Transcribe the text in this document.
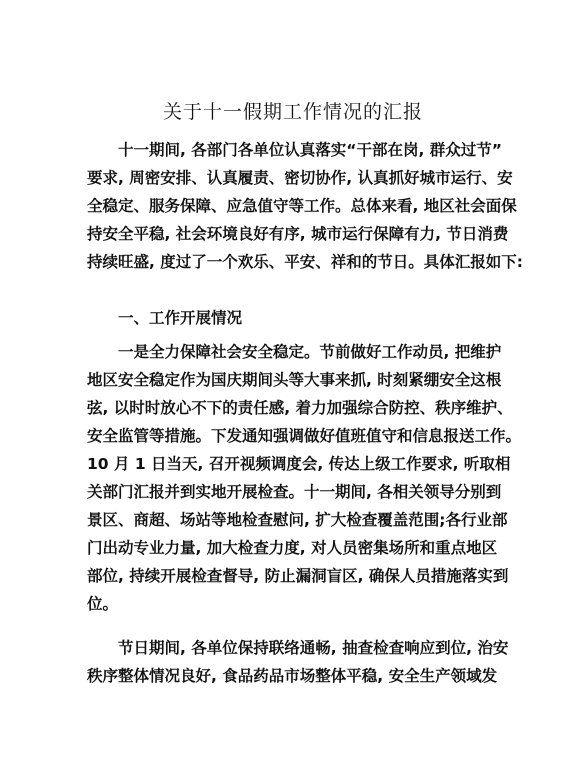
关于十一假期工作情况的汇报
十一期间, 各部门各单位认真落实“干部在岗, 群众过节”
要求, 周密安排、认真履责、密切协作, 认真抓好城市运行、安
全稳定、服务保障、应急值守等工作。总体来看, 地区社会面保
持安全平稳, 社会环境良好有序, 城市运行保障有力, 节日消费
持续旺盛, 度过了一个欢乐、平安、祥和的节日。具体汇报如下:
一、工作开展情况
一是全力保障社会安全稳定。节前做好工作动员, 把维护
地区安全稳定作为国庆期间头等大事来抓, 时刻紧绷安全这根
弦, 以时时放心不下的责任感, 着力加强综合防控、秩序维护、
安全监管等措施。下发通知强调做好值班值守和信息报送工作。
10 月 1 日当天, 召开视频调度会, 传达上级工作要求, 听取相
关部门汇报并到实地开展检查。十一期间, 各相关领导分别到
景区、商超、场站等地检查慰问, 扩大检查覆盖范围;各行业部
门出动专业力量, 加大检查力度, 对人员密集场所和重点地区
部位, 持续开展检查督导, 防止漏洞盲区, 确保人员措施落实到
位。
节日期间, 各单位保持联络通畅, 抽查检查响应到位, 治安
秩序整体情况良好, 食品药品市场整体平稳, 安全生产领域发
